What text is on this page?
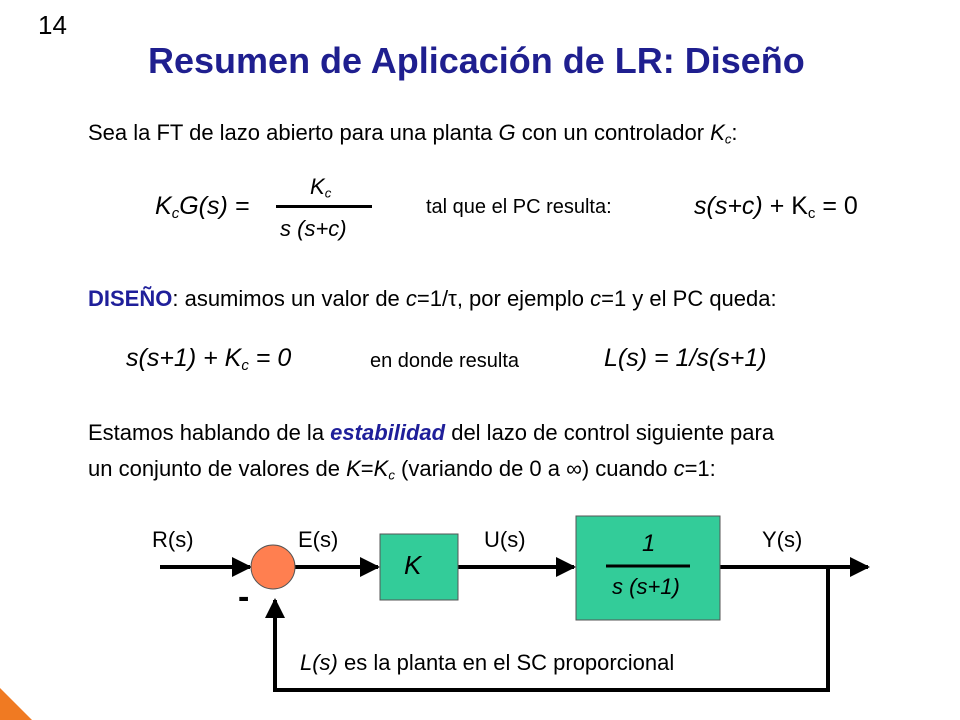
14
Resumen de Aplicación de LR: Diseño
Sea la FT de lazo abierto para una planta G con un controlador $K_c$:
$K_cG(s)$ =
$K_c$
s (s+c)
tal que el PC resulta:	$s(s+c) + K_c = 0$
DISEÑO: asumimos un valor de c=1/τ, por ejemplo c=1 y el PC queda:
$s(s+1) + K_c = 0$	en donde resulta	L(s) = 1/s(s+1)
Estamos hablando de la estabilidad del lazo de control siguiente para
un conjunto de valores de $K=K_c$ (variando de 0 a ∞) cuando c=1:
R(s)	E(s)	U(s)	Y(s)
K
1
s (s+1)
-
L(s) es la planta en el SC proporcional
